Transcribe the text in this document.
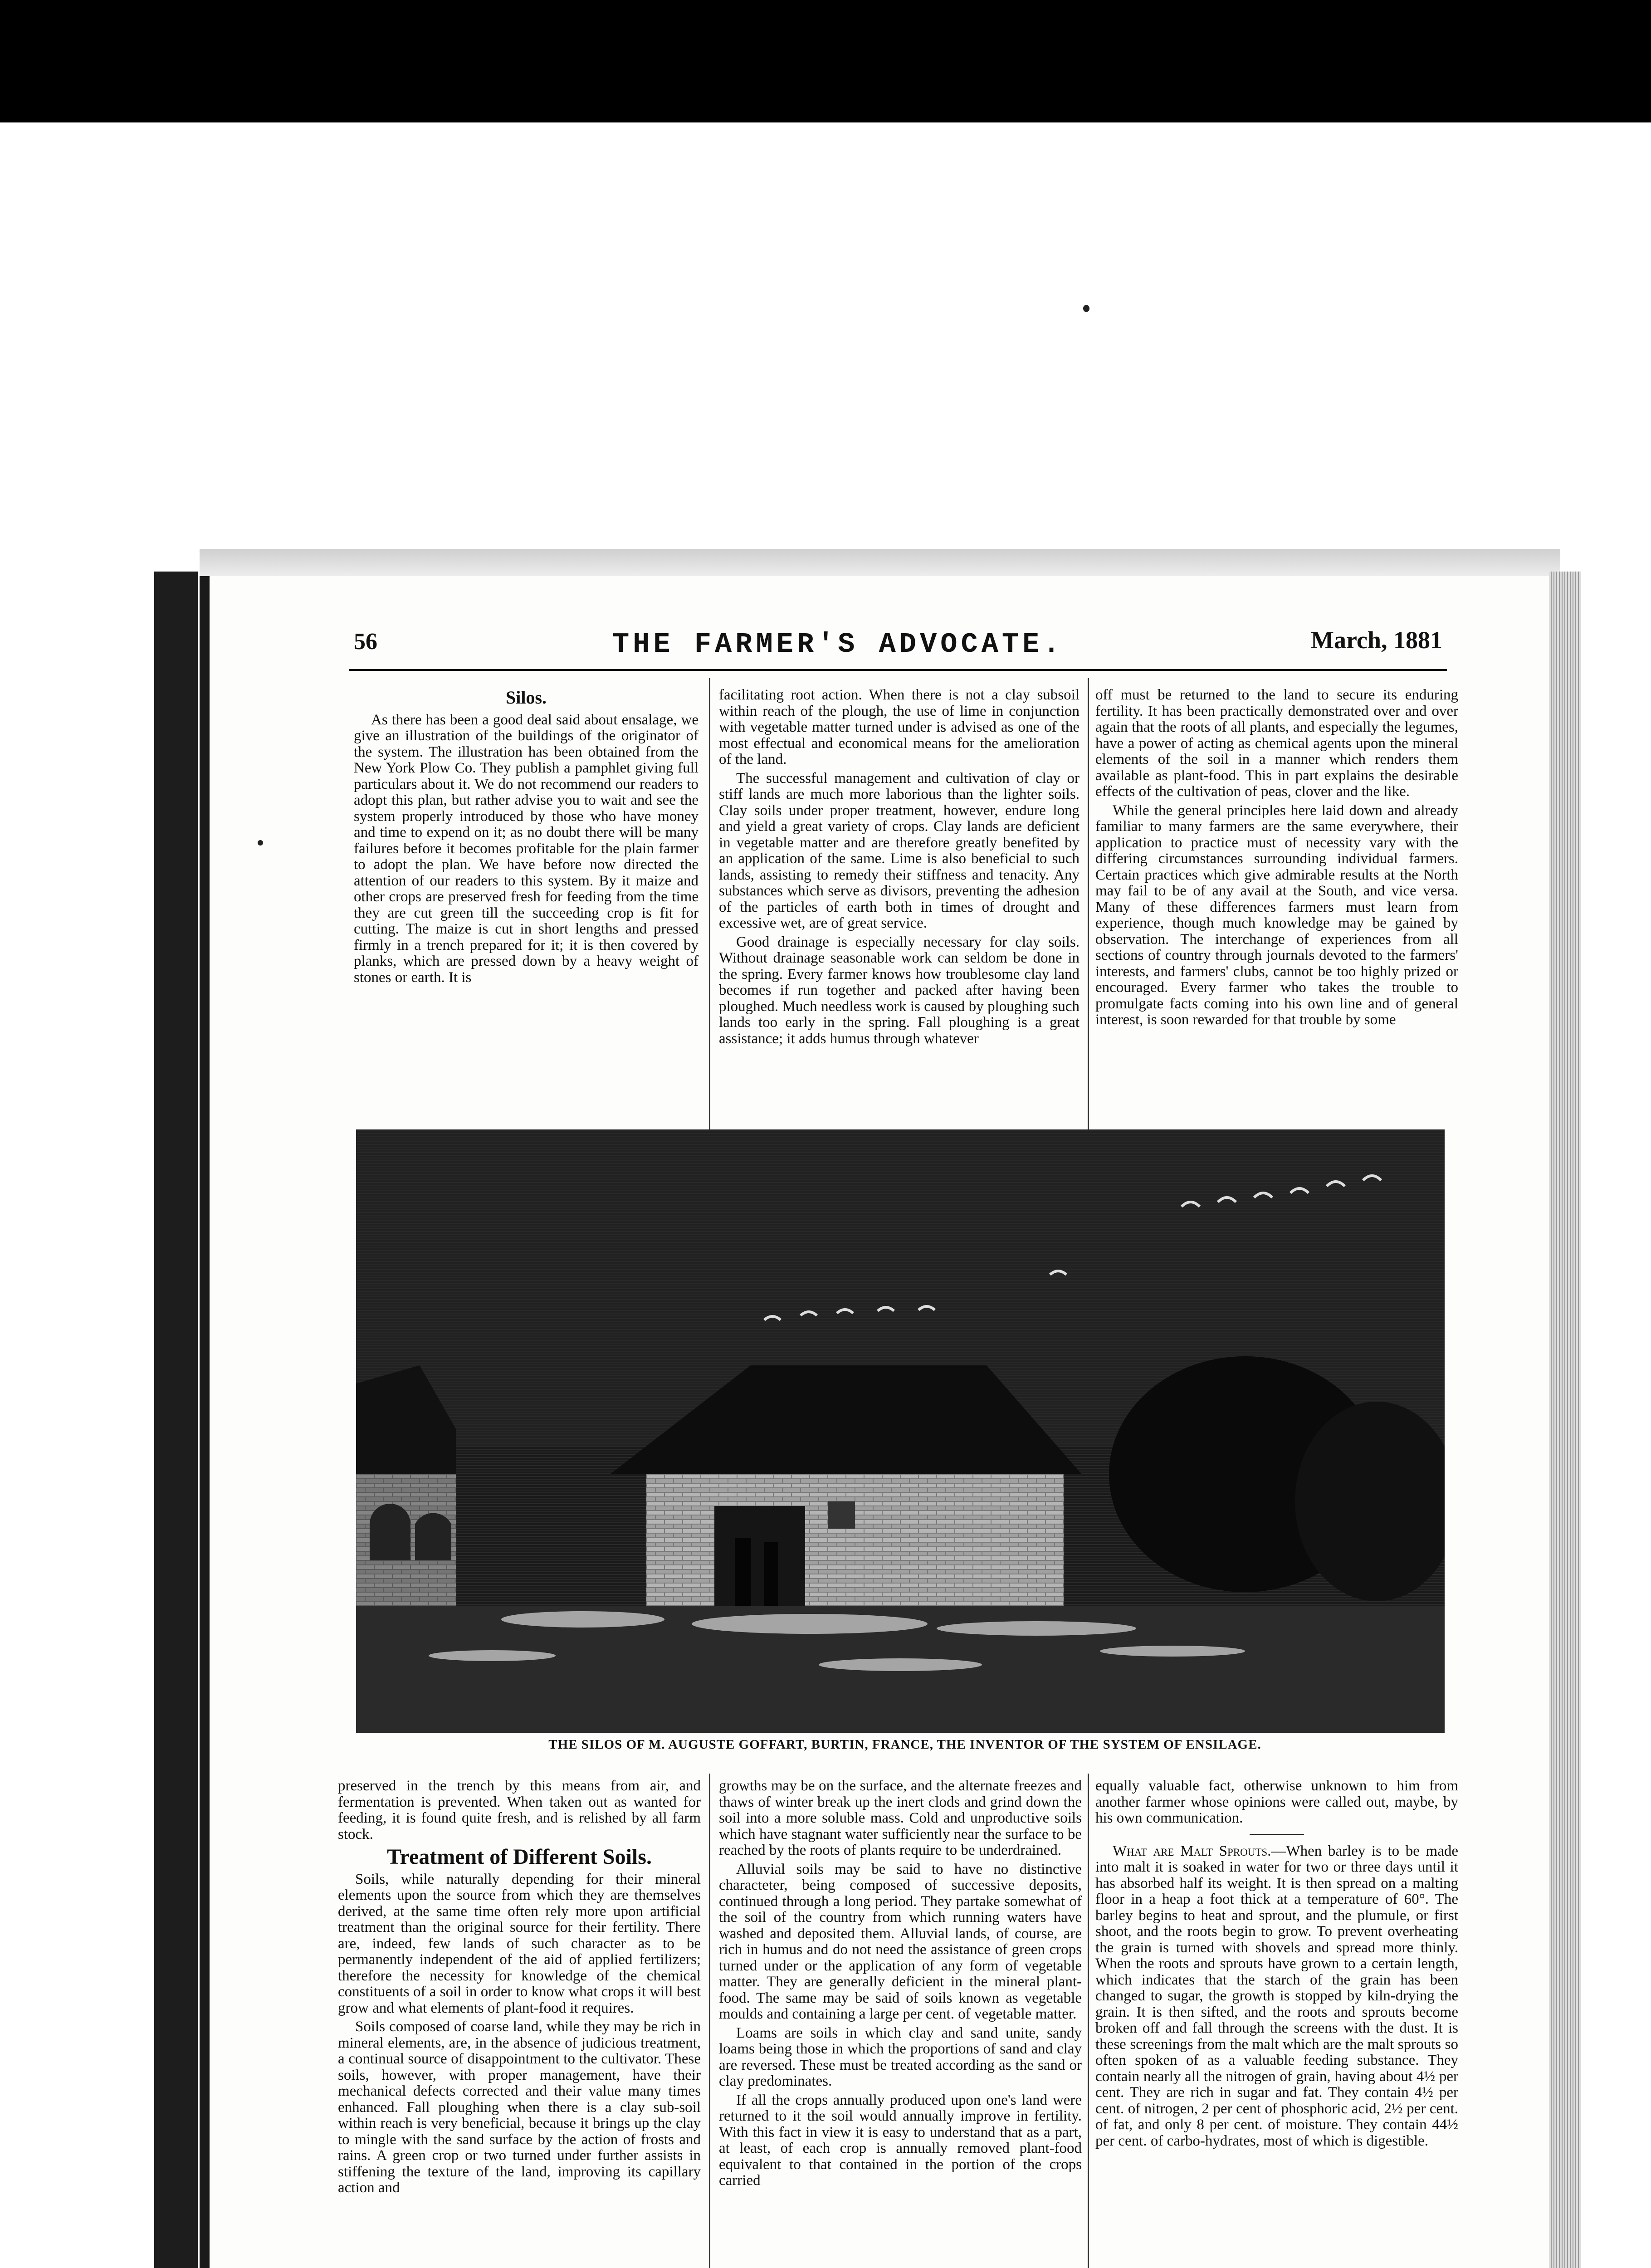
56	THE FARMER'S ADVOCATE.	March, 1881
Silos.

As there has been a good deal said about ensalage, we give an illustration of the buildings of the originator of the system. The illustration has been obtained from the New York Plow Co. They publish a pamphlet giving full particulars about it. We do not recommend our readers to adopt this plan, but rather advise you to wait and see the system properly introduced by those who have money and time to expend on it; as no doubt there will be many failures before it becomes profitable for the plain farmer to adopt the plan. We have before now directed the attention of our readers to this system. By it maize and other crops are preserved fresh for feeding from the time they are cut green till the succeeding crop is fit for cutting. The maize is cut in short lengths and pressed firmly in a trench prepared for it; it is then covered by planks, which are pressed down by a heavy weight of stones or earth. It is

facilitating root action. When there is not a clay subsoil within reach of the plough, the use of lime in conjunction with vegetable matter turned under is advised as one of the most effectual and economical means for the amelioration of the land.

The successful management and cultivation of clay or stiff lands are much more laborious than the lighter soils. Clay soils under proper treatment, however, endure long and yield a great variety of crops. Clay lands are deficient in vegetable matter and are therefore greatly benefited by an application of the same. Lime is also beneficial to such lands, assisting to remedy their stiffness and tenacity. Any substances which serve as divisors, preventing the adhesion of the particles of earth both in times of drought and excessive wet, are of great service.

Good drainage is especially necessary for clay soils. Without drainage seasonable work can seldom be done in the spring. Every farmer knows how troublesome clay land becomes if run together and packed after having been ploughed. Much needless work is caused by ploughing such lands too early in the spring. Fall ploughing is a great assistance; it adds humus through whatever

off must be returned to the land to secure its enduring fertility. It has been practically demonstrated over and over again that the roots of all plants, and especially the legumes, have a power of acting as chemical agents upon the mineral elements of the soil in a manner which renders them available as plant-food. This in part explains the desirable effects of the cultivation of peas, clover and the like.

While the general principles here laid down and already familiar to many farmers are the same everywhere, their application to practice must of necessity vary with the differing circumstances surrounding individual farmers. Certain practices which give admirable results at the North may fail to be of any avail at the South, and vice versa. Many of these differences farmers must learn from experience, though much knowledge may be gained by observation. The interchange of experiences from all sections of country through journals devoted to the farmers' interests, and farmers' clubs, cannot be too highly prized or encouraged. Every farmer who takes the trouble to promulgate facts coming into his own line and of general interest, is soon rewarded for that trouble by some

THE SILOS OF M. AUGUSTE GOFFART, BURTIN, FRANCE, THE INVENTOR OF THE SYSTEM OF ENSILAGE.

preserved in the trench by this means from air, and fermentation is prevented. When taken out as wanted for feeding, it is found quite fresh, and is relished by all farm stock.

Treatment of Different Soils.

Soils, while naturally depending for their mineral elements upon the source from which they are themselves derived, at the same time often rely more upon artificial treatment than the original source for their fertility. There are, indeed, few lands of such character as to be permanently independent of the aid of applied fertilizers; therefore the necessity for knowledge of the chemical constituents of a soil in order to know what crops it will best grow and what elements of plant-food it requires.

Soils composed of coarse land, while they may be rich in mineral elements, are, in the absence of judicious treatment, a continual source of disappointment to the cultivator. These soils, however, with proper management, have their mechanical defects corrected and their value many times enhanced. Fall ploughing when there is a clay sub-soil within reach is very beneficial, because it brings up the clay to mingle with the sand surface by the action of frosts and rains. A green crop or two turned under further assists in stiffening the texture of the land, improving its capillary action and

growths may be on the surface, and the alternate freezes and thaws of winter break up the inert clods and grind down the soil into a more soluble mass. Cold and unproductive soils which have stagnant water sufficiently near the surface to be reached by the roots of plants require to be underdrained.

Alluvial soils may be said to have no distinctive characteter, being composed of successive deposits, continued through a long period. They partake somewhat of the soil of the country from which running waters have washed and deposited them. Alluvial lands, of course, are rich in humus and do not need the assistance of green crops turned under or the application of any form of vegetable matter. They are generally deficient in the mineral plant-food. The same may be said of soils known as vegetable moulds and containing a large per cent. of vegetable matter.

Loams are soils in which clay and sand unite, sandy loams being those in which the proportions of sand and clay are reversed. These must be treated according as the sand or clay predominates.

If all the crops annually produced upon one's land were returned to it the soil would annually improve in fertility. With this fact in view it is easy to understand that as a part, at least, of each crop is annually removed plant-food equivalent to that contained in the portion of the crops carried

equally valuable fact, otherwise unknown to him from another farmer whose opinions were called out, maybe, by his own communication.

What are Malt Sprouts.—When barley is to be made into malt it is soaked in water for two or three days until it has absorbed half its weight. It is then spread on a malting floor in a heap a foot thick at a temperature of 60°. The barley begins to heat and sprout, and the plumule, or first shoot, and the roots begin to grow. To prevent overheating the grain is turned with shovels and spread more thinly. When the roots and sprouts have grown to a certain length, which indicates that the starch of the grain has been changed to sugar, the growth is stopped by kiln-drying the grain. It is then sifted, and the roots and sprouts become broken off and fall through the screens with the dust. It is these screenings from the malt which are the malt sprouts so often spoken of as a valuable feeding substance. They contain nearly all the nitrogen of grain, having about 4½ per cent. They are rich in sugar and fat. They contain 4½ per cent. of nitrogen, 2 per cent of phosphoric acid, 2½ per cent. of fat, and only 8 per cent. of moisture. They contain 44½ per cent. of carbo-hydrates, most of which is digestible.
